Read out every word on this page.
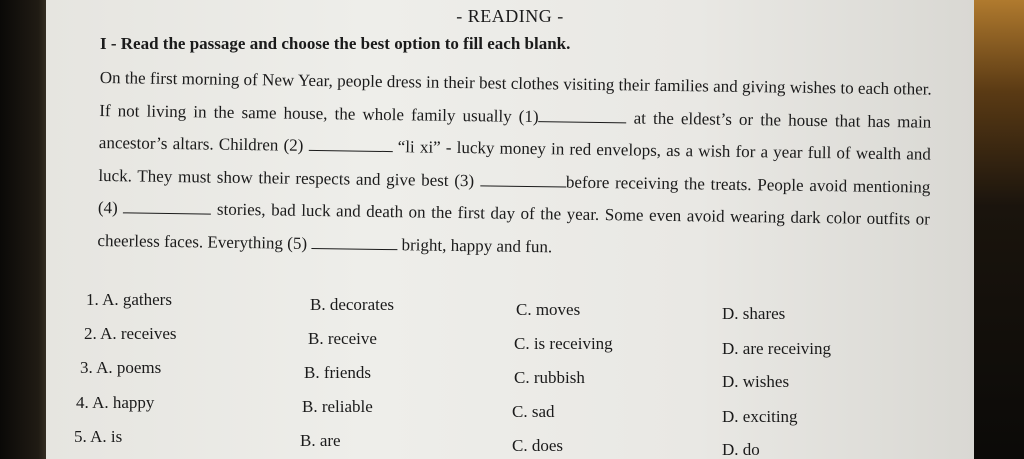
- READING -
I - Read the passage and choose the best option to fill each blank.
On the first morning of New Year, people dress in their best clothes visiting their families and giving wishes to each other. If not living in the same house, the whole family usually (1)	at the eldest’s or the house that has main ancestor’s altars. Children (2)	“li xi” - lucky money in red envelops, as a wish for a year full of wealth and luck. They must show their respects and give best (3)	before receiving the treats. People avoid mentioning (4)	stories, bad luck and death on the first day of the year. Some even avoid wearing dark color outfits or cheerless faces. Everything (5)	bright, happy and fun.
1. A. gathers	B. decorates	C. moves	D. shares
2. A. receives	B. receive	C. is receiving	D. are receiving
3. A. poems	B. friends	C. rubbish	D. wishes
4. A. happy	B. reliable	C. sad	D. exciting
5. A. is	B. are	C. does	D. do
